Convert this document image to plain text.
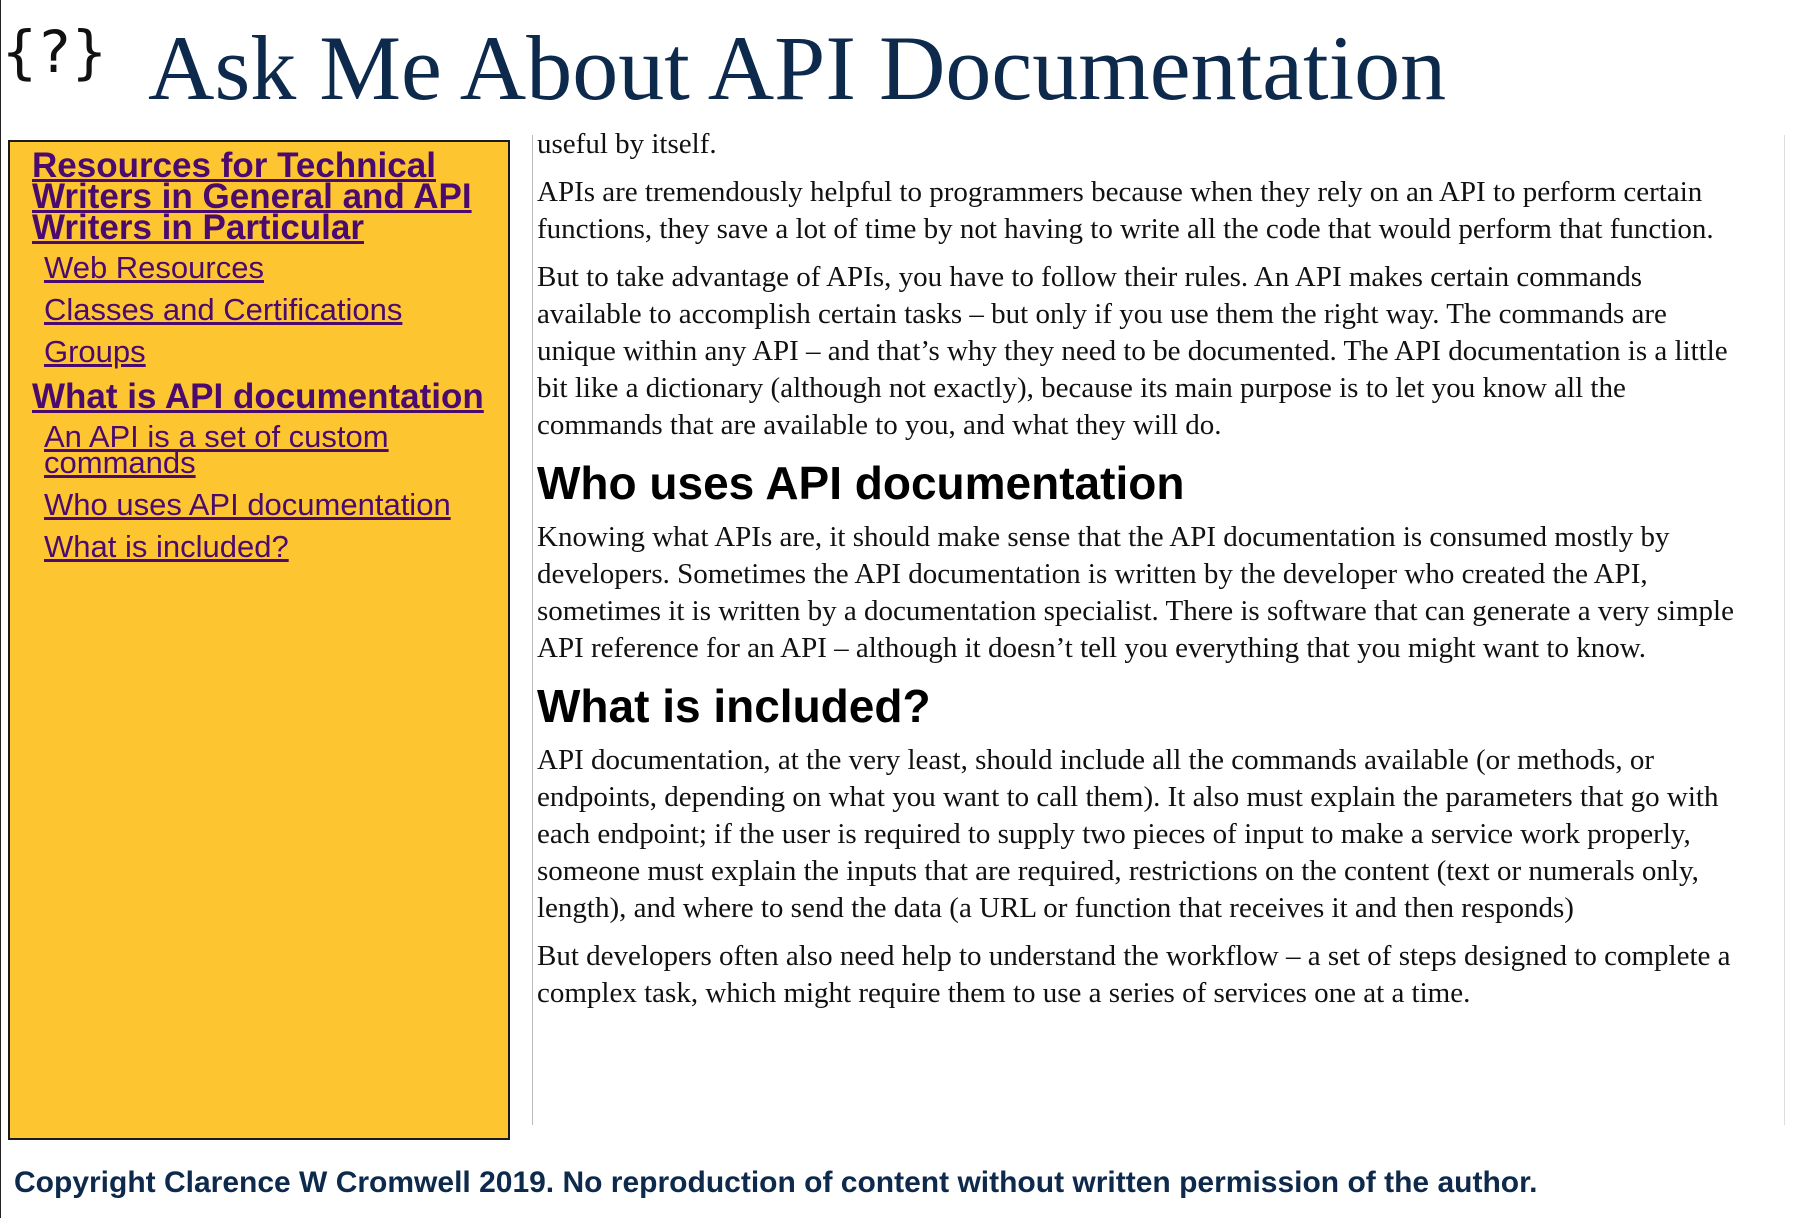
{?} Ask Me About API Documentation
Resources for Technical Writers in General and API Writers in Particular
Web Resources
Classes and Certifications
Groups
What is API documentation
An API is a set of custom commands
Who uses API documentation
What is included?

useful by itself.

APIs are tremendously helpful to programmers because when they rely on an API to perform certain functions, they save a lot of time by not having to write all the code that would perform that function.

But to take advantage of APIs, you have to follow their rules. An API makes certain commands available to accomplish certain tasks – but only if you use them the right way. The commands are unique within any API – and that’s why they need to be documented. The API documentation is a little bit like a dictionary (although not exactly), because its main purpose is to let you know all the commands that are available to you, and what they will do.

Who uses API documentation

Knowing what APIs are, it should make sense that the API documentation is consumed mostly by developers. Sometimes the API documentation is written by the developer who created the API, sometimes it is written by a documentation specialist. There is software that can generate a very simple API reference for an API – although it doesn’t tell you everything that you might want to know.

What is included?

API documentation, at the very least, should include all the commands available (or methods, or endpoints, depending on what you want to call them). It also must explain the parameters that go with each endpoint; if the user is required to supply two pieces of input to make a service work properly, someone must explain the inputs that are required, restrictions on the content (text or numerals only, length), and where to send the data (a URL or function that receives it and then responds)

But developers often also need help to understand the workflow – a set of steps designed to complete a complex task, which might require them to use a series of services one at a time.

Copyright Clarence W Cromwell 2019. No reproduction of content without written permission of the author.
